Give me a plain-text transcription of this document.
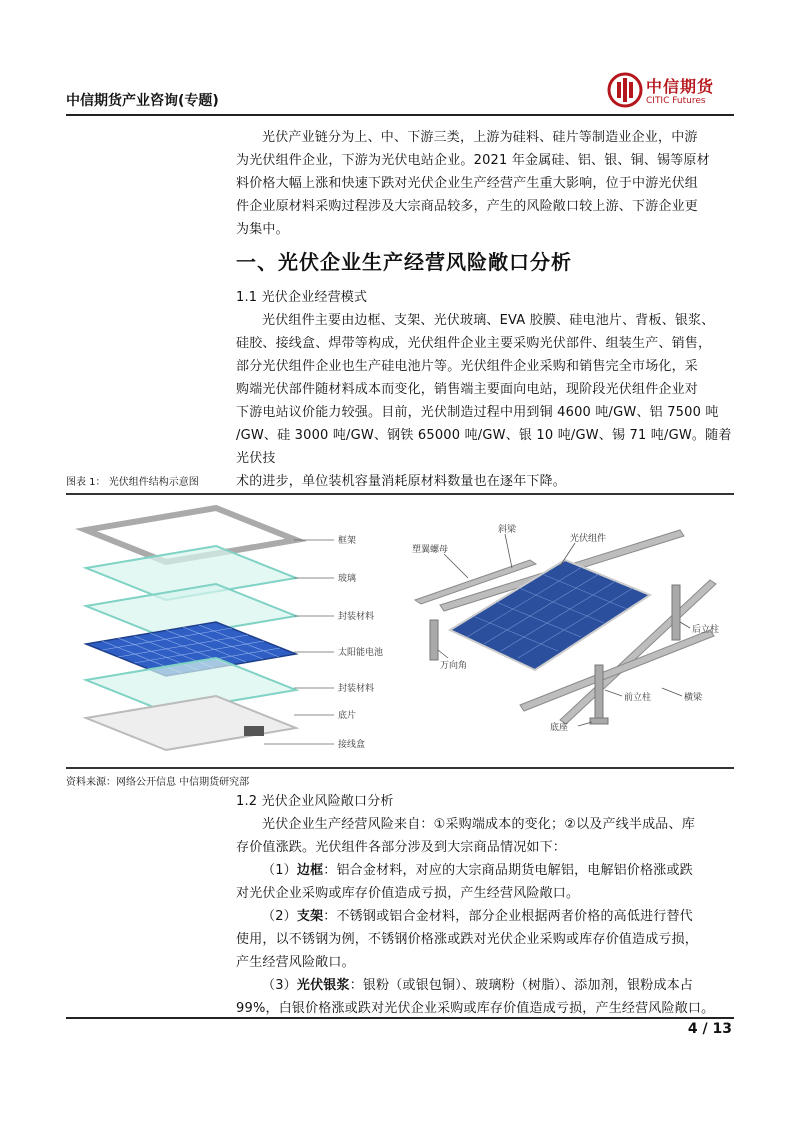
中信期货产业咨询(专题)
中信期货
CITIC Futures

光伏产业链分为上、中、下游三类，上游为硅料、硅片等制造业企业，中游

为光伏组件企业，下游为光伏电站企业。2021 年金属硅、铝、银、铜、锡等原材

料价格大幅上涨和快速下跌对光伏企业生产经营产生重大影响，位于中游光伏组

件企业原材料采购过程涉及大宗商品较多，产生的风险敞口较上游、下游企业更

为集中。

一、光伏企业生产经营风险敞口分析

1.1 光伏企业经营模式

光伏组件主要由边框、支架、光伏玻璃、EVA 胶膜、硅电池片、背板、银浆、

硅胶、接线盒、焊带等构成，光伏组件企业主要采购光伏部件、组装生产、销售，

部分光伏组件企业也生产硅电池片等。光伏组件企业采购和销售完全市场化，采

购端光伏部件随材料成本而变化，销售端主要面向电站，现阶段光伏组件企业对

下游电站议价能力较强。目前，光伏制造过程中用到铜 4600 吨/GW、铝 7500 吨

/GW、硅 3000 吨/GW、钢铁 65000 吨/GW、银 10 吨/GW、锡 71 吨/GW。随着光伏技

术的进步，单位装机容量消耗原材料数量也在逐年下降。

图表 1： 光伏组件结构示意图
框架
玻璃
封装材料
太阳能电池
封装材料
底片
接线盒
斜梁
光伏组件
塑翼螺母
后立柱
万向角
前立柱	横梁
底座
资料来源：网络公开信息 中信期货研究部

1.2 光伏企业风险敞口分析

光伏企业生产经营风险来自：①采购端成本的变化；②以及产线半成品、库

存价值涨跌。光伏组件各部分涉及到大宗商品情况如下：

（1）边框：铝合金材料，对应的大宗商品期货电解铝，电解铝价格涨或跌

对光伏企业采购或库存价值造成亏损，产生经营风险敞口。

（2）支架：不锈钢或铝合金材料，部分企业根据两者价格的高低进行替代

使用，以不锈钢为例，不锈钢价格涨或跌对光伏企业采购或库存价值造成亏损，

产生经营风险敞口。

（3）光伏银浆：银粉（或银包铜）、玻璃粉（树脂）、添加剂，银粉成本占

99%，白银价格涨或跌对光伏企业采购或库存价值造成亏损，产生经营风险敞口。

4 / 13
